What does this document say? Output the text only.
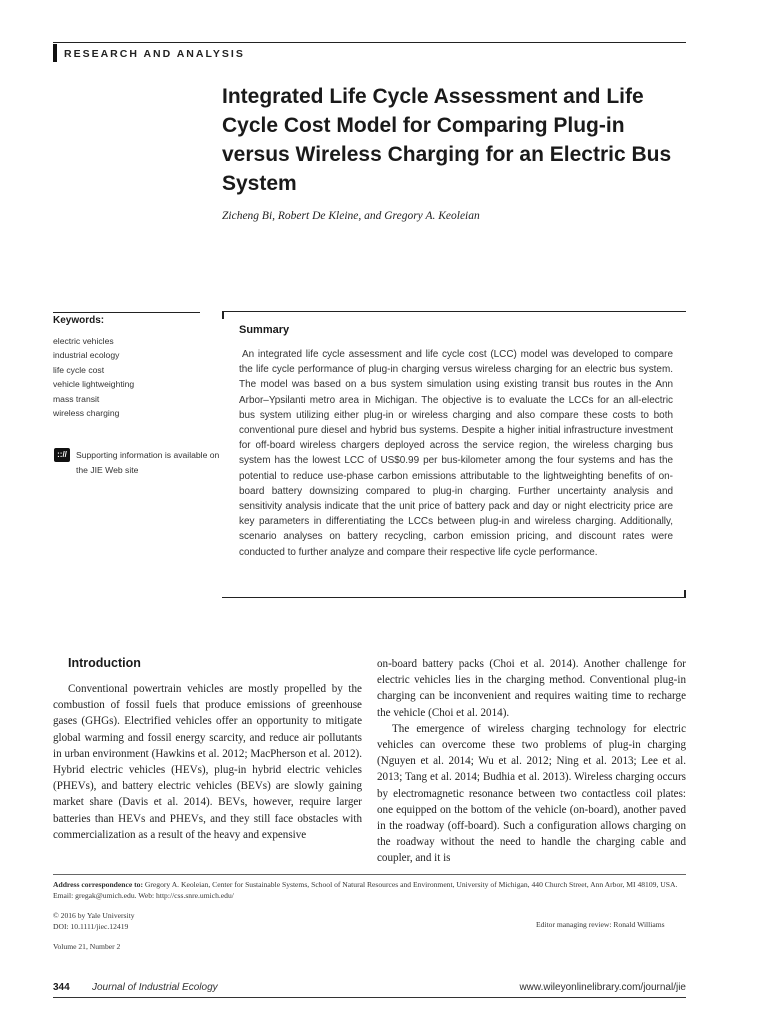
RESEARCH AND ANALYSIS
Integrated Life Cycle Assessment and Life Cycle Cost Model for Comparing Plug-in versus Wireless Charging for an Electric Bus System
Zicheng Bi, Robert De Kleine, and Gregory A. Keoleian
Keywords:
electric vehicles
industrial ecology
life cycle cost
vehicle lightweighting
mass transit
wireless charging
:://	Supporting information is available on the JIE Web site
Summary
An integrated life cycle assessment and life cycle cost (LCC) model was developed to compare the life cycle performance of plug-in charging versus wireless charging for an electric bus system. The model was based on a bus system simulation using existing transit bus routes in the Ann Arbor–Ypsilanti metro area in Michigan. The objective is to evaluate the LCCs for an all-electric bus system utilizing either plug-in or wireless charging and also compare these costs to both conventional pure diesel and hybrid bus systems. Despite a higher initial infrastructure investment for off-board wireless chargers deployed across the service region, the wireless charging bus system has the lowest LCC of US$0.99 per bus-kilometer among the four systems and has the potential to reduce use-phase carbon emissions attributable to the lightweighting benefits of on-board battery downsizing compared to plug-in charging. Further uncertainty analysis and sensitivity analysis indicate that the unit price of battery pack and day or night electricity price are key parameters in differentiating the LCCs between plug-in and wireless charging. Additionally, scenario analyses on battery recycling, carbon emission pricing, and discount rates were conducted to further analyze and compare their respective life cycle performance.
Introduction

Conventional powertrain vehicles are mostly propelled by the combustion of fossil fuels that produce emissions of greenhouse gases (GHGs). Electrified vehicles offer an opportunity to mitigate global warming and fossil energy scarcity, and reduce air pollutants in urban environment (Hawkins et al. 2012; MacPherson et al. 2012). Hybrid electric vehicles (HEVs), plug-in hybrid electric vehicles (PHEVs), and battery electric vehicles (BEVs) are slowly gaining market share (Davis et al. 2014). BEVs, however, require larger batteries than HEVs and PHEVs, and they still face obstacles with commercialization as a result of the heavy and expensive

on-board battery packs (Choi et al. 2014). Another challenge for electric vehicles lies in the charging method. Conventional plug-in charging can be inconvenient and requires waiting time to recharge the vehicle (Choi et al. 2014).

The emergence of wireless charging technology for electric vehicles can overcome these two problems of plug-in charging (Nguyen et al. 2014; Wu et al. 2012; Ning et al. 2013; Lee et al. 2013; Tang et al. 2014; Budhia et al. 2013). Wireless charging occurs by electromagnetic resonance between two contactless coil plates: one equipped on the bottom of the vehicle (on-board), another paved in the roadway (off-board). Such a configuration allows charging on the roadway without the need to handle the charging cable and coupler, and it is

Address correspondence to: Gregory A. Keoleian, Center for Sustainable Systems, School of Natural Resources and Environment, University of Michigan, 440 Church Street, Ann Arbor, MI 48109, USA. Email: gregak@umich.edu. Web: http://css.snre.umich.edu/
© 2016 by Yale University
DOI: 10.1111/jiec.12419	Editor managing review: Ronald Williams
Volume 21, Number 2
344 Journal of Industrial Ecology	www.wileyonlinelibrary.com/journal/jie
